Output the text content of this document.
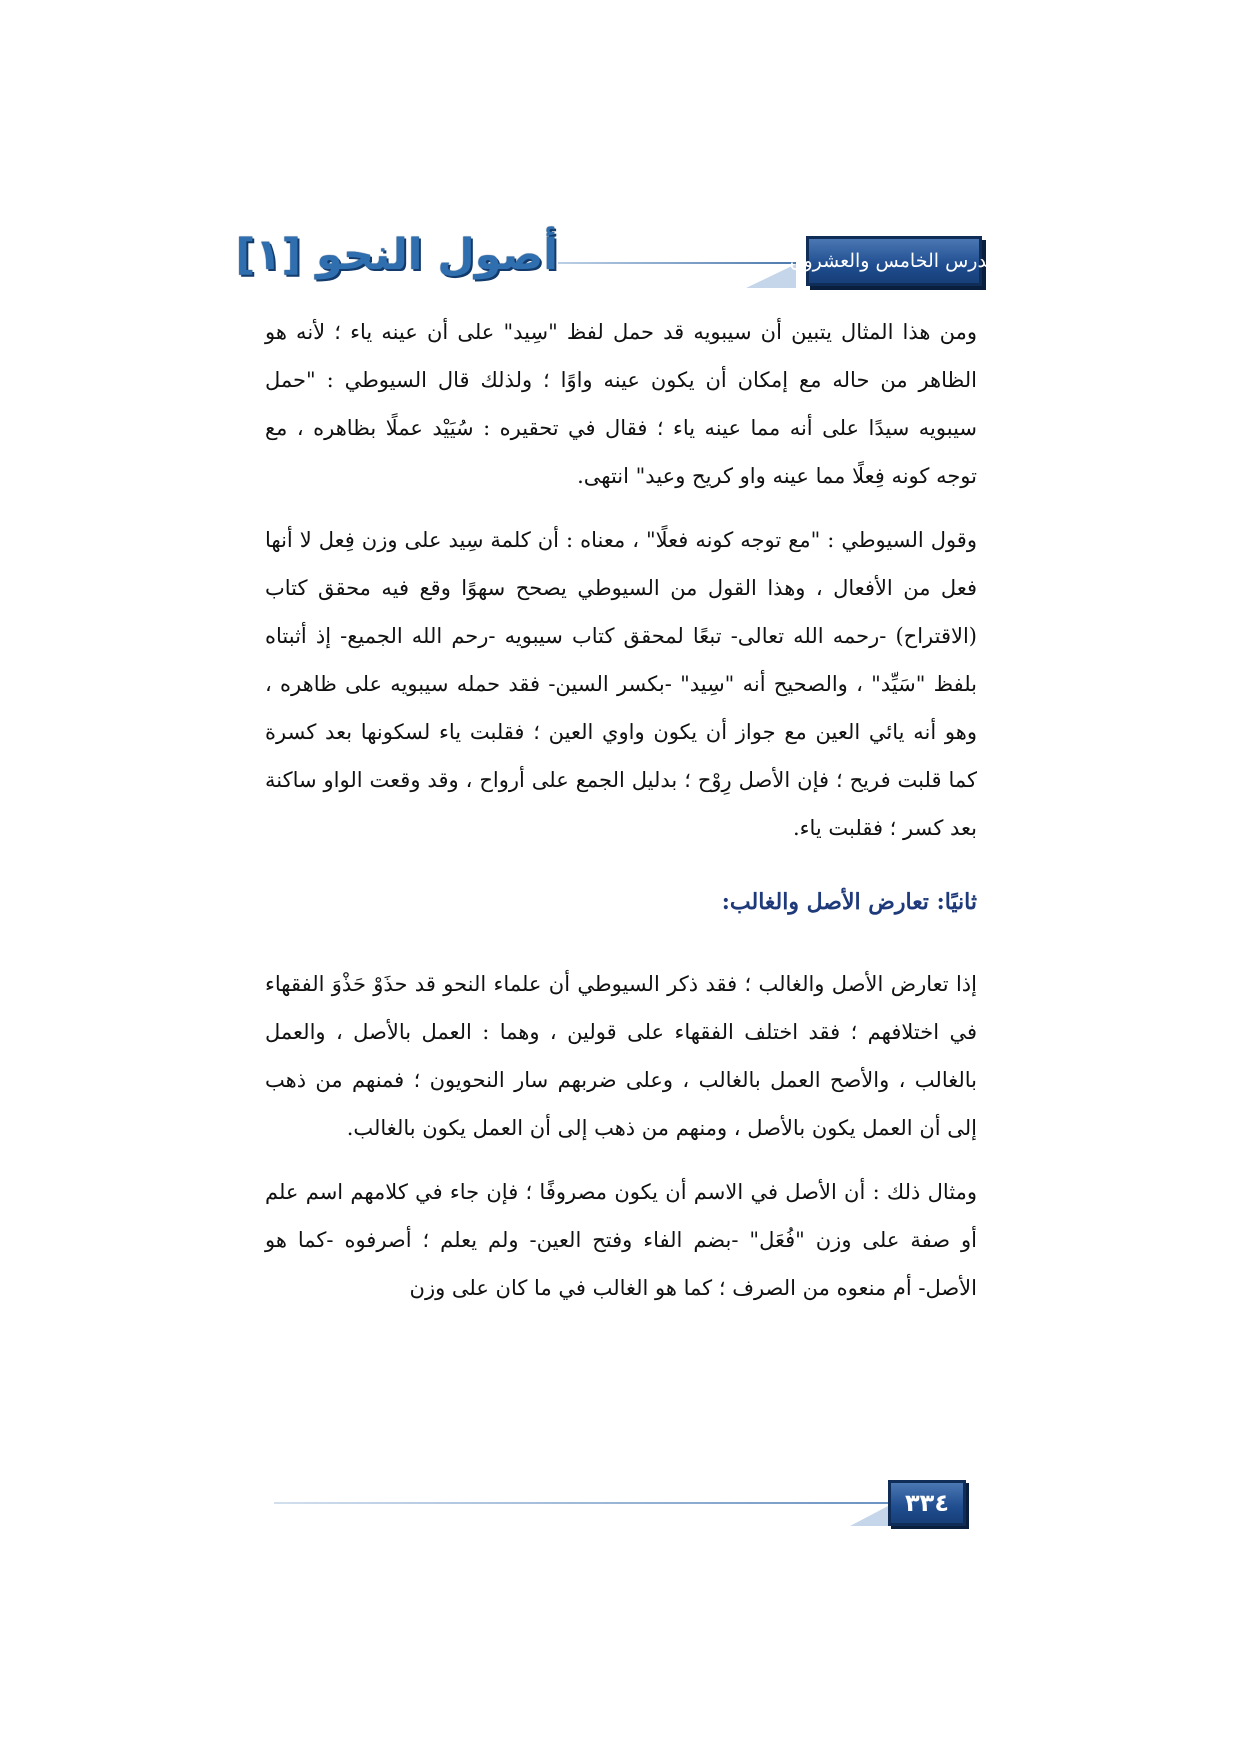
أصول النحو [١]	الدرس الخامس والعشرون

ومن هذا المثال يتبين أن سيبويه قد حمل لفظ "سِيد" على أن عينه ياء ؛ لأنه هو الظاهر من حاله مع إمكان أن يكون عينه واوًا ؛ ولذلك قال السيوطي : "حمل سيبويه سيدًا على أنه مما عينه ياء ؛ فقال في تحقيره : سُيَيْد عملًا بظاهره ، مع توجه كونه فِعلًا مما عينه واو كريح وعيد" انتهى.

وقول السيوطي : "مع توجه كونه فعلًا" ، معناه : أن كلمة سِيد على وزن فِعل لا أنها فعل من الأفعال ، وهذا القول من السيوطي يصحح سهوًا وقع فيه محقق كتاب (الاقتراح) -رحمه الله تعالى- تبعًا لمحقق كتاب سيبويه -رحم الله الجميع- إذ أثبتاه بلفظ "سَيِّد" ، والصحيح أنه "سِيد" -بكسر السين- فقد حمله سيبويه على ظاهره ، وهو أنه يائي العين مع جواز أن يكون واوي العين ؛ فقلبت ياء لسكونها بعد كسرة كما قلبت فريح ؛ فإن الأصل رِوْح ؛ بدليل الجمع على أرواح ، وقد وقعت الواو ساكنة بعد كسر ؛ فقلبت ياء.

ثانيًا: تعارض الأصل والغالب:

إذا تعارض الأصل والغالب ؛ فقد ذكر السيوطي أن علماء النحو قد حذَوْ حَذْوَ الفقهاء في اختلافهم ؛ فقد اختلف الفقهاء على قولين ، وهما : العمل بالأصل ، والعمل بالغالب ، والأصح العمل بالغالب ، وعلى ضربهم سار النحويون ؛ فمنهم من ذهب إلى أن العمل يكون بالأصل ، ومنهم من ذهب إلى أن العمل يكون بالغالب.

ومثال ذلك : أن الأصل في الاسم أن يكون مصروفًا ؛ فإن جاء في كلامهم اسم علم أو صفة على وزن "فُعَل" -بضم الفاء وفتح العين- ولم يعلم ؛ أصرفوه -كما هو الأصل- أم منعوه من الصرف ؛ كما هو الغالب في ما كان على وزن

٣٣٤
